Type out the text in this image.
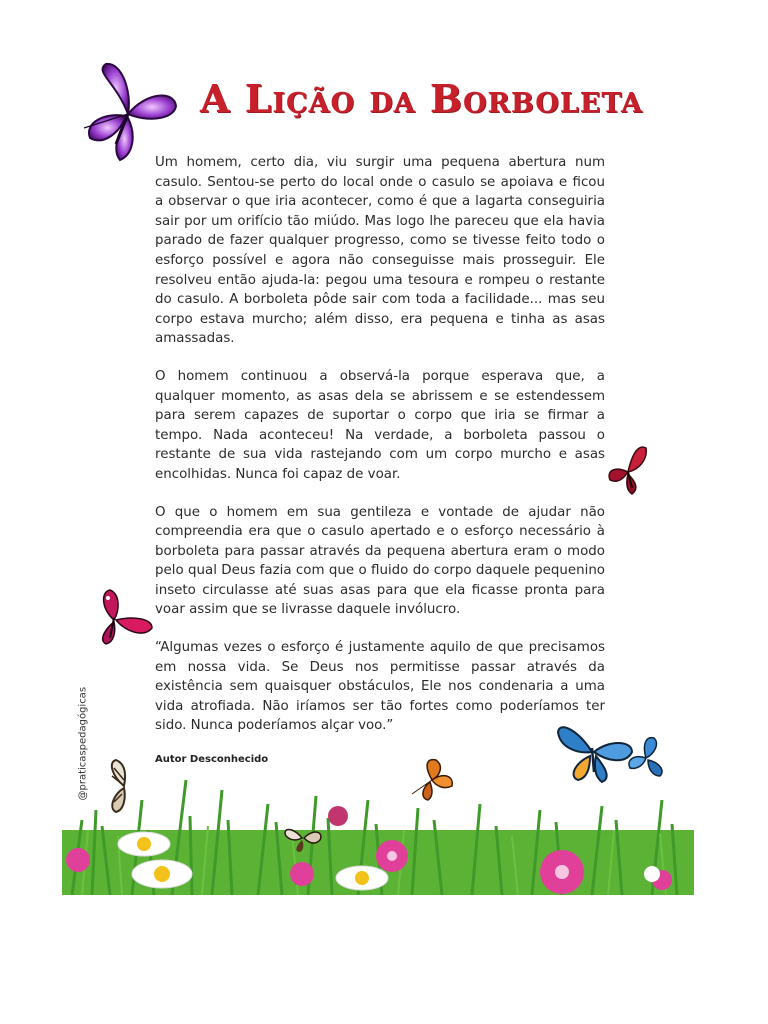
A Lição da Borboleta

Um homem, certo dia, viu surgir uma pequena abertura num casulo. Sentou-se perto do local onde o casulo se apoiava e ficou a observar o que iria acontecer, como é que a lagarta conseguiria sair por um orifício tão miúdo. Mas logo lhe pareceu que ela havia parado de fazer qualquer progresso, como se tivesse feito todo o esforço possível e agora não conseguisse mais prosseguir. Ele resolveu então ajuda-la: pegou uma tesoura e rompeu o restante do casulo. A borboleta pôde sair com toda a facilidade... mas seu corpo estava murcho; além disso, era pequena e tinha as asas amassadas.

O homem continuou a observá-la porque esperava que, a qualquer momento, as asas dela se abrissem e se estendessem para serem capazes de suportar o corpo que iria se firmar a tempo. Nada aconteceu! Na verdade, a borboleta passou o restante de sua vida rastejando com um corpo murcho e asas encolhidas. Nunca foi capaz de voar.

O que o homem em sua gentileza e vontade de ajudar não compreendia era que o casulo apertado e o esforço necessário à borboleta para passar através da pequena abertura eram o modo pelo qual Deus fazia com que o fluido do corpo daquele pequenino inseto circulasse até suas asas para que ela ficasse pronta para voar assim que se livrasse daquele invólucro.

“Algumas vezes o esforço é justamente aquilo de que precisamos em nossa vida. Se Deus nos permitisse passar através da existência sem quaisquer obstáculos, Ele nos condenaria a uma vida atrofiada. Não iríamos ser tão fortes como poderíamos ter sido. Nunca poderíamos alçar voo.”

Autor Desconhecido
@praticaspedagógicas
